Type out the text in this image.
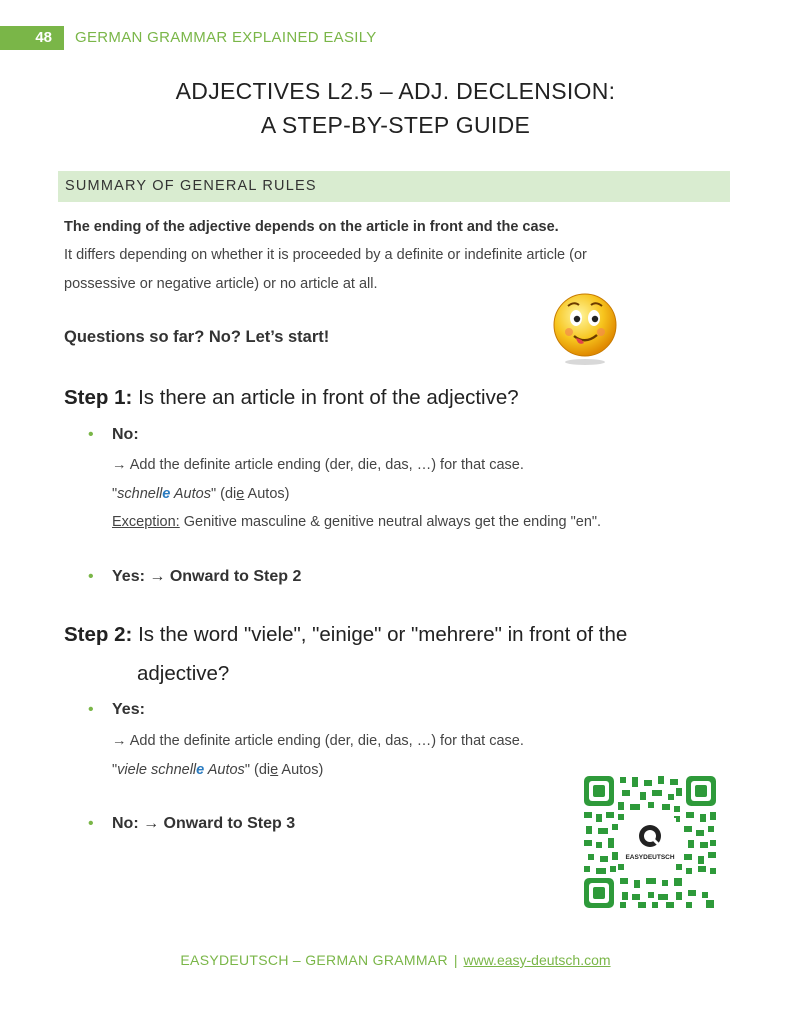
48	GERMAN GRAMMAR EXPLAINED EASILY
ADJECTIVES L2.5 – ADJ. DECLENSION:
A STEP-BY-STEP GUIDE
SUMMARY OF GENERAL RULES
The ending of the adjective depends on the article in front and the case.
It differs depending on whether it is proceeded by a definite or indefinite article (or
possessive or negative article) or no article at all.
Questions so far? No? Let’s start!
Step 1: Is there an article in front of the adjective?
• No:
→ Add the definite article ending (der, die, das, …) for that case.
"schnelle Autos" (die Autos)
Exception: Genitive masculine & genitive neutral always get the ending "en".
• Yes: → Onward to Step 2
Step 2: Is the word "viele", "einige" or "mehrere" in front of the
adjective?
• Yes:
→ Add the definite article ending (der, die, das, …) for that case.
"viele schnelle Autos" (die Autos)
• No: → Onward to Step 3
EASYDEUTSCH
EASYDEUTSCH – GERMAN GRAMMAR | www.easy-deutsch.com
